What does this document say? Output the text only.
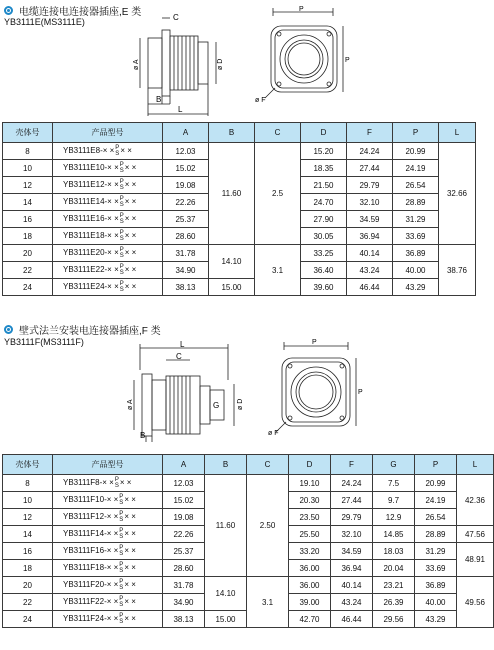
电缆连接电连接器插座,E 类
YB3111E(MS3111E)	C
ø A	ø D
B
L
P
P
ø F
壳体号	产品型号	A	B	C	D	F	P	L
8	YB3111E8-× × P
S × ×	12.03	11.60	2.5	15.20	24.24	20.99	32.66
10	YB3111E10-× × P
S × ×	15.02			18.35	27.44	24.19	
12	YB3111E12-× × P
S × ×	19.08			21.50	29.79	26.54	
14	YB3111E14-× × P
S × ×	22.26			24.70	32.10	28.89	
16	YB3111E16-× × P
S × ×	25.37			27.90	34.59	31.29	
18	YB3111E18-× × P
S × ×	28.60			30.05	36.94	33.69	
20	YB3111E20-× × P
S × ×	31.78	14.10	3.1	33.25	40.14	36.89	38.76
22	YB3111E22-× × P
S × ×	34.90			36.40	43.24	40.00	
24	YB3111E24-× × P
S × ×	38.13	15.00		39.60	46.44	43.29	
壁式法兰安装电连接器插座,F 类
YB3111F(MS3111F)	L
C
ø A	G	ø D
B
P
P
ø F
壳体号	产品型号	A	B	C	D	F	G	P	L
8	YB3111F8-× × P
S × ×	12.03	11.60	2.50	19.10	24.24	7.5	20.99	42.36
10	YB3111F10-× × P
S × ×	15.02			20.30	27.44	9.7	24.19	
12	YB3111F12-× × P
S × ×	19.08			23.50	29.79	12.9	26.54	
14	YB3111F14-× × P
S × ×	22.26			25.50	32.10	14.85	28.89	47.56
16	YB3111F16-× × P
S × ×	25.37			33.20	34.59	18.03	31.29	48.91
18	YB3111F18-× × P
S × ×	28.60			36.00	36.94	20.04	33.69	
20	YB3111F20-× × P
S × ×	31.78	14.10	3.1	36.00	40.14	23.21	36.89	49.56
22	YB3111F22-× × P
S × ×	34.90			39.00	43.24	26.39	40.00	
24	YB3111F24-× × P
S × ×	38.13	15.00		42.70	46.44	29.56	43.29	
